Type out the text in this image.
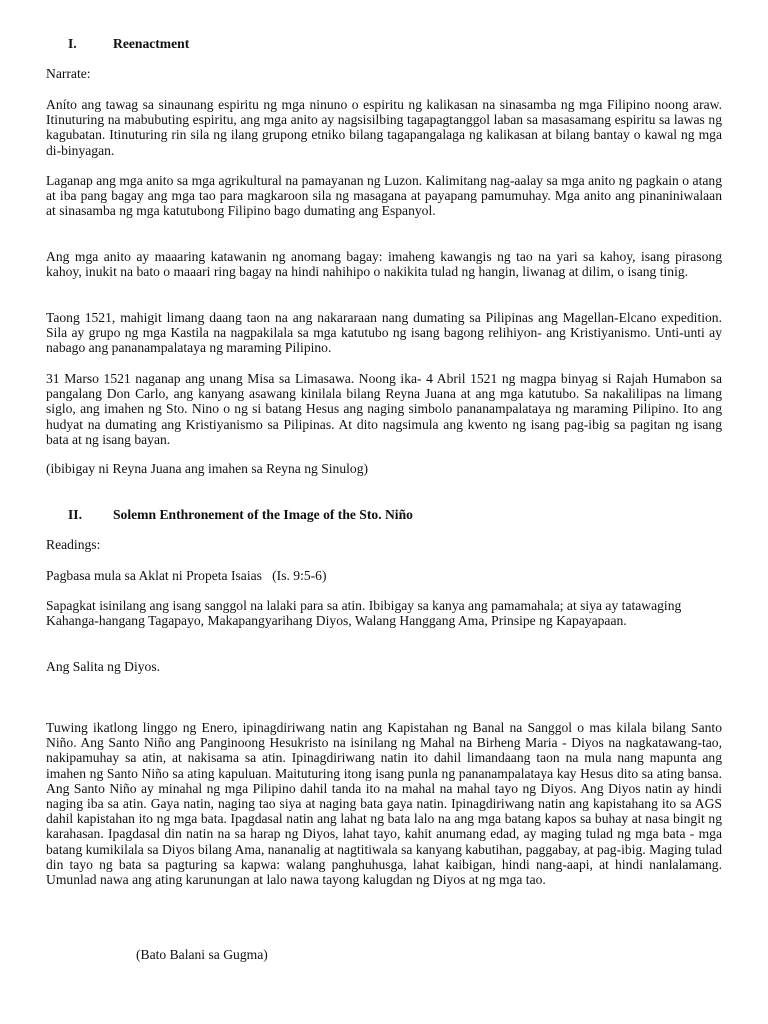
I.	Reenactment
Narrate:
Aníto ang tawag sa sinaunang espiritu ng mga ninuno o espiritu ng kalikasan na sinasamba ng mga Filipino noong araw. Itinuturing na mabubuting espiritu, ang mga anito ay nagsisilbing tagapagtanggol laban sa masasamang espiritu sa lawas ng kagubatan. Itinuturing rin sila ng ilang grupong etniko bilang tagapangalaga ng kalikasan at bilang bantay o kawal ng mga di-binyagan.
Laganap ang mga anito sa mga agrikultural na pamayanan ng Luzon. Kalimitang nag-aalay sa mga anito ng pagkain o atang at iba pang bagay ang mga tao para magkaroon sila ng masagana at payapang pamumuhay. Mga anito ang pinaniniwalaan at sinasamba ng mga katutubong Filipino bago dumating ang Espanyol.
Ang mga anito ay maaaring katawanin ng anomang bagay: imaheng kawangis ng tao na yari sa kahoy, isang pirasong kahoy, inukit na bato o maaari ring bagay na hindi nahihipo o nakikita tulad ng hangin, liwanag at dilim, o isang tinig.
Taong 1521, mahigit limang daang taon na ang nakararaan nang dumating sa Pilipinas ang Magellan-Elcano expedition. Sila ay grupo ng mga Kastila na nagpakilala sa mga katutubo ng isang bagong relihiyon- ang Kristiyanismo. Unti-unti ay nabago ang pananampalataya ng maraming Pilipino.
31 Marso 1521 naganap ang unang Misa sa Limasawa. Noong ika- 4 Abril 1521 ng magpa binyag si Rajah Humabon sa pangalang Don Carlo, ang kanyang asawang kinilala bilang Reyna Juana at ang mga katutubo. Sa nakalilipas na limang siglo, ang imahen ng Sto. Nino o ng si batang Hesus ang naging simbolo pananampalataya ng maraming Pilipino. Ito ang hudyat na dumating ang Kristiyanismo sa Pilipinas. At dito nagsimula ang kwento ng isang pag-ibig sa pagitan ng isang bata at ng isang bayan.
(ibibigay ni Reyna Juana ang imahen sa Reyna ng Sinulog)
II. Solemn Enthronement of the Image of the Sto. Niño
Readings:
Pagbasa mula sa Aklat ni Propeta Isaias   (Is. 9:5-6)
Sapagkat isinilang ang isang sanggol na lalaki para sa atin. Ibibigay sa kanya ang pamamahala; at siya ay tatawaging Kahanga-hangang Tagapayo, Makapangyarihang Diyos, Walang Hanggang Ama, Prinsipe ng Kapayapaan.
Ang Salita ng Diyos.
Tuwing ikatlong linggo ng Enero, ipinagdiriwang natin ang Kapistahan ng Banal na Sanggol o mas kilala bilang Santo Niño. Ang Santo Niño ang Panginoong Hesukristo na isinilang ng Mahal na Birheng Maria - Diyos na nagkatawang-tao, nakipamuhay sa atin, at nakisama sa atin. Ipinagdiriwang natin ito dahil limandaang taon na mula nang mapunta ang imahen ng Santo Niño sa ating kapuluan. Maituturing itong isang punla ng pananampalataya kay Hesus dito sa ating bansa. Ang Santo Niño ay minahal ng mga Pilipino dahil tanda ito na mahal na mahal tayo ng Diyos. Ang Diyos natin ay hindi naging iba sa atin. Gaya natin, naging tao siya at naging bata gaya natin. Ipinagdiriwang natin ang kapistahang ito sa AGS dahil kapistahan ito ng mga bata. Ipagdasal natin ang lahat ng bata lalo na ang mga batang kapos sa buhay at nasa bingit ng karahasan. Ipagdasal din natin na sa harap ng Diyos, lahat tayo, kahit anumang edad, ay maging tulad ng mga bata - mga batang kumikilala sa Diyos bilang Ama, nananalig at nagtitiwala sa kanyang kabutihan, paggabay, at pag-ibig. Maging tulad din tayo ng bata sa pagturing sa kapwa: walang panghuhusga, lahat kaibigan, hindi nang-aapi, at hindi nanlalamang. Umunlad nawa ang ating karunungan at lalo nawa tayong kalugdan ng Diyos at ng mga tao.
(Bato Balani sa Gugma)
